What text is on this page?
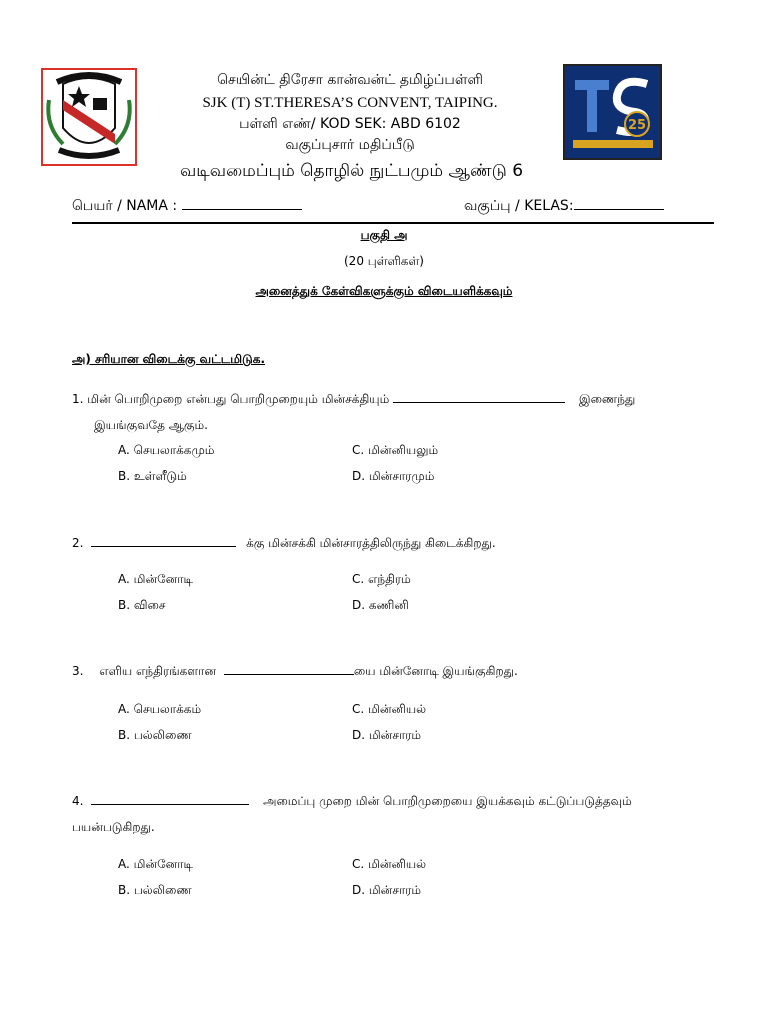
25
செயின்ட் திரேசா கான்வன்ட் தமிழ்ப்பள்ளி
SJK (T) ST.THERESA’S CONVENT, TAIPING.
பள்ளி எண்/ KOD SEK: ABD 6102
வகுப்புசார் மதிப்பீடு
வடிவமைப்பும் தொழில் நுட்பமும் ஆண்டு 6
பெயர் / NAMA :	வகுப்பு / KELAS:
பகுதி அ
(20 புள்ளிகள்)
அனைத்துக் கேள்விகளுக்கும் விடையளிக்கவும்
அ) சரியான விடைக்கு வட்டமிடுக.
1. மின் பொறிமுறை என்பது பொறிமுறையும் மின்சக்தியும்	இணைந்து
இயங்குவதே ஆகும்.
A. செயலாக்கமும்
B. உள்ளீடும்
C. மின்னியலும்
D. மின்சாரமும்
2.	க்கு மின்சக்கி மின்சாரத்திலிருந்து கிடைக்கிறது.
A. மின்னோடி
B. விசை
C. எந்திரம்
D. கணினி
3. எளிய எந்திரங்களான	யை மின்னோடி இயங்குகிறது.
A. செயலாக்கம்
B. பல்லிணை
C. மின்னியல்
D. மின்சாரம்
4.	அமைப்பு முறை மின் பொறிமுறையை இயக்கவும் கட்டுப்படுத்தவும்
பயன்படுகிறது.
A. மின்னோடி
B. பல்லிணை
C. மின்னியல்
D. மின்சாரம்
